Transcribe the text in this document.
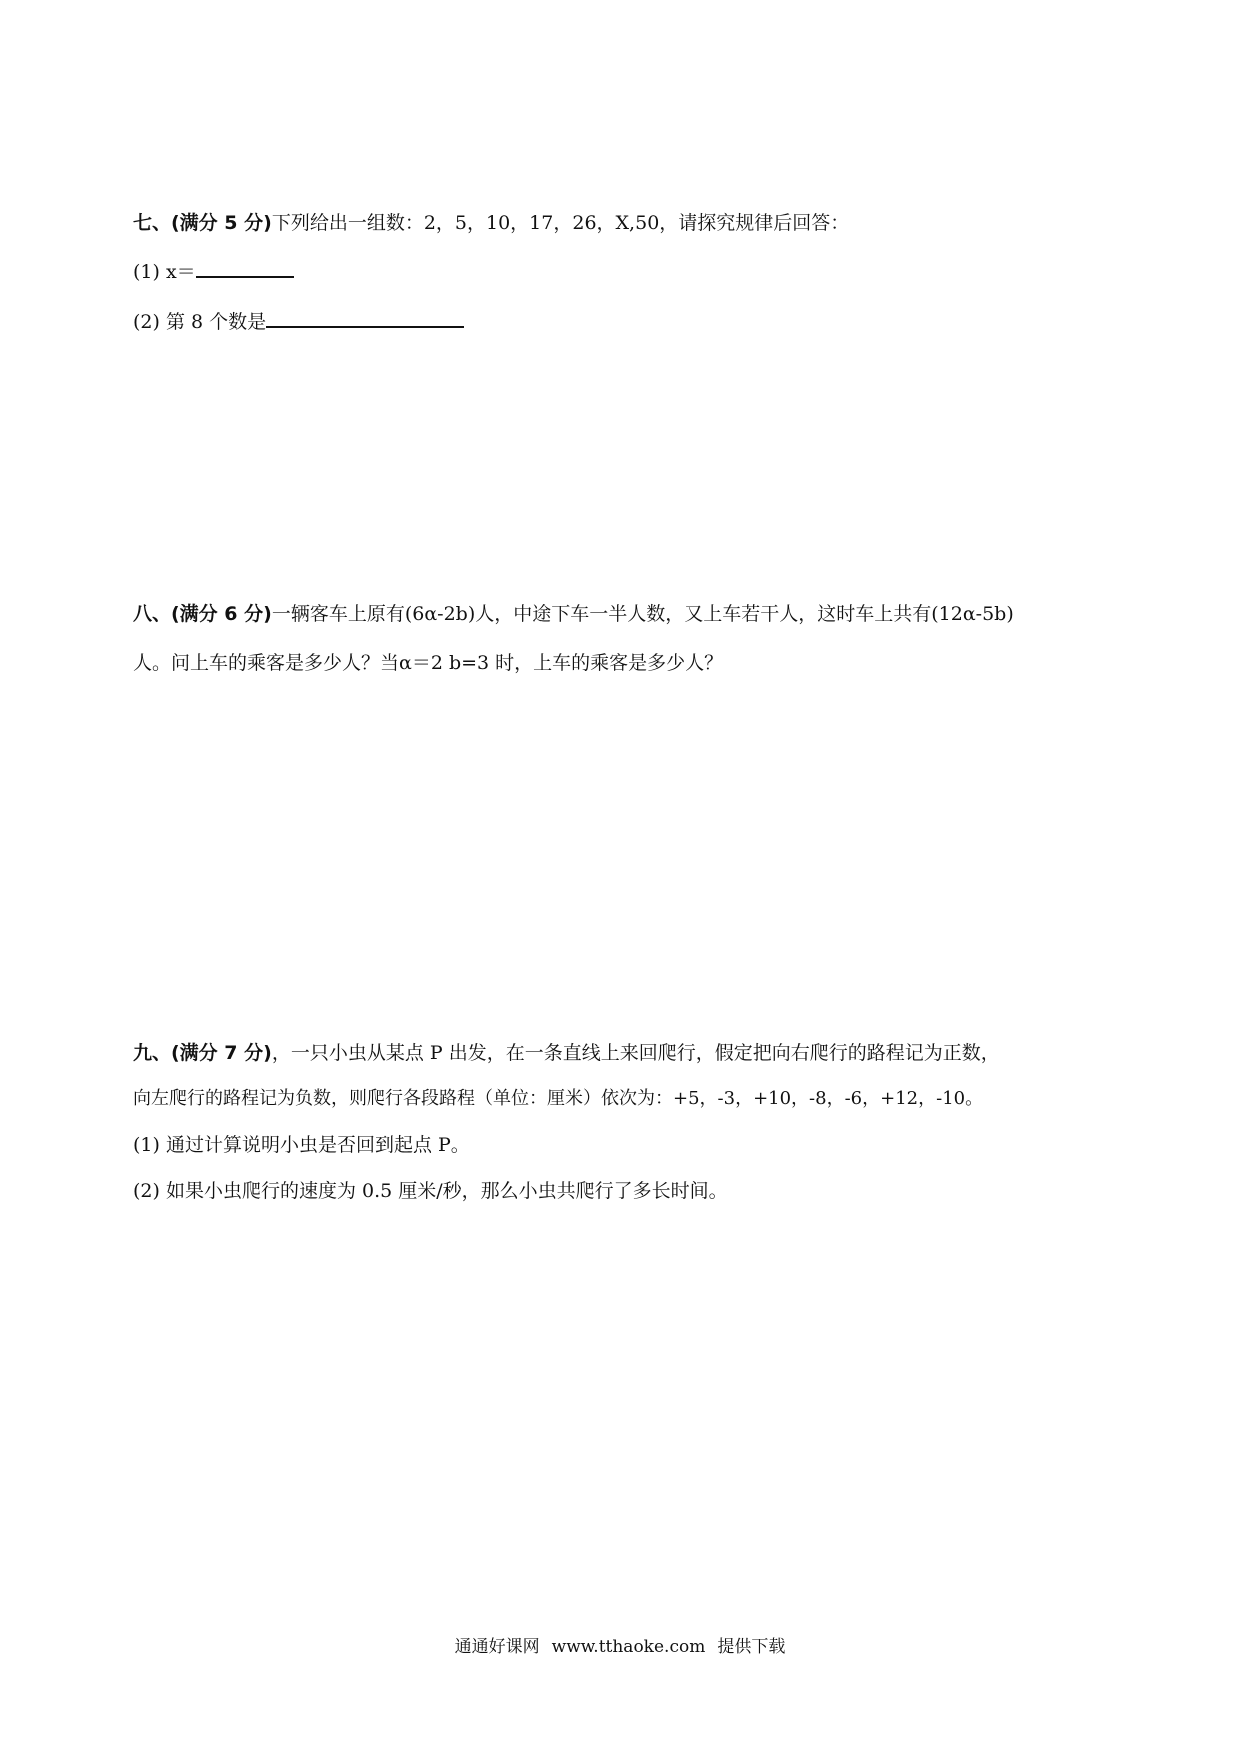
七、(满分 5 分)下列给出一组数：2，5，10，17，26，X,50，请探究规律后回答：
(1) x＝
(2) 第 8 个数是
八、(满分 6 分)一辆客车上原有(6α-2b)人，中途下车一半人数，又上车若干人，这时车上共有(12α-5b)
人。问上车的乘客是多少人？当α＝2 b=3 时，上车的乘客是多少人？
九、(满分 7 分)，一只小虫从某点 P 出发，在一条直线上来回爬行，假定把向右爬行的路程记为正数，
向左爬行的路程记为负数，则爬行各段路程（单位：厘米）依次为：+5，-3，+10，-8，-6，+12，-10。
(1) 通过计算说明小虫是否回到起点 P。
(2) 如果小虫爬行的速度为 0.5 厘米/秒，那么小虫共爬行了多长时间。
通通好课网 www.tthaoke.com 提供下载
